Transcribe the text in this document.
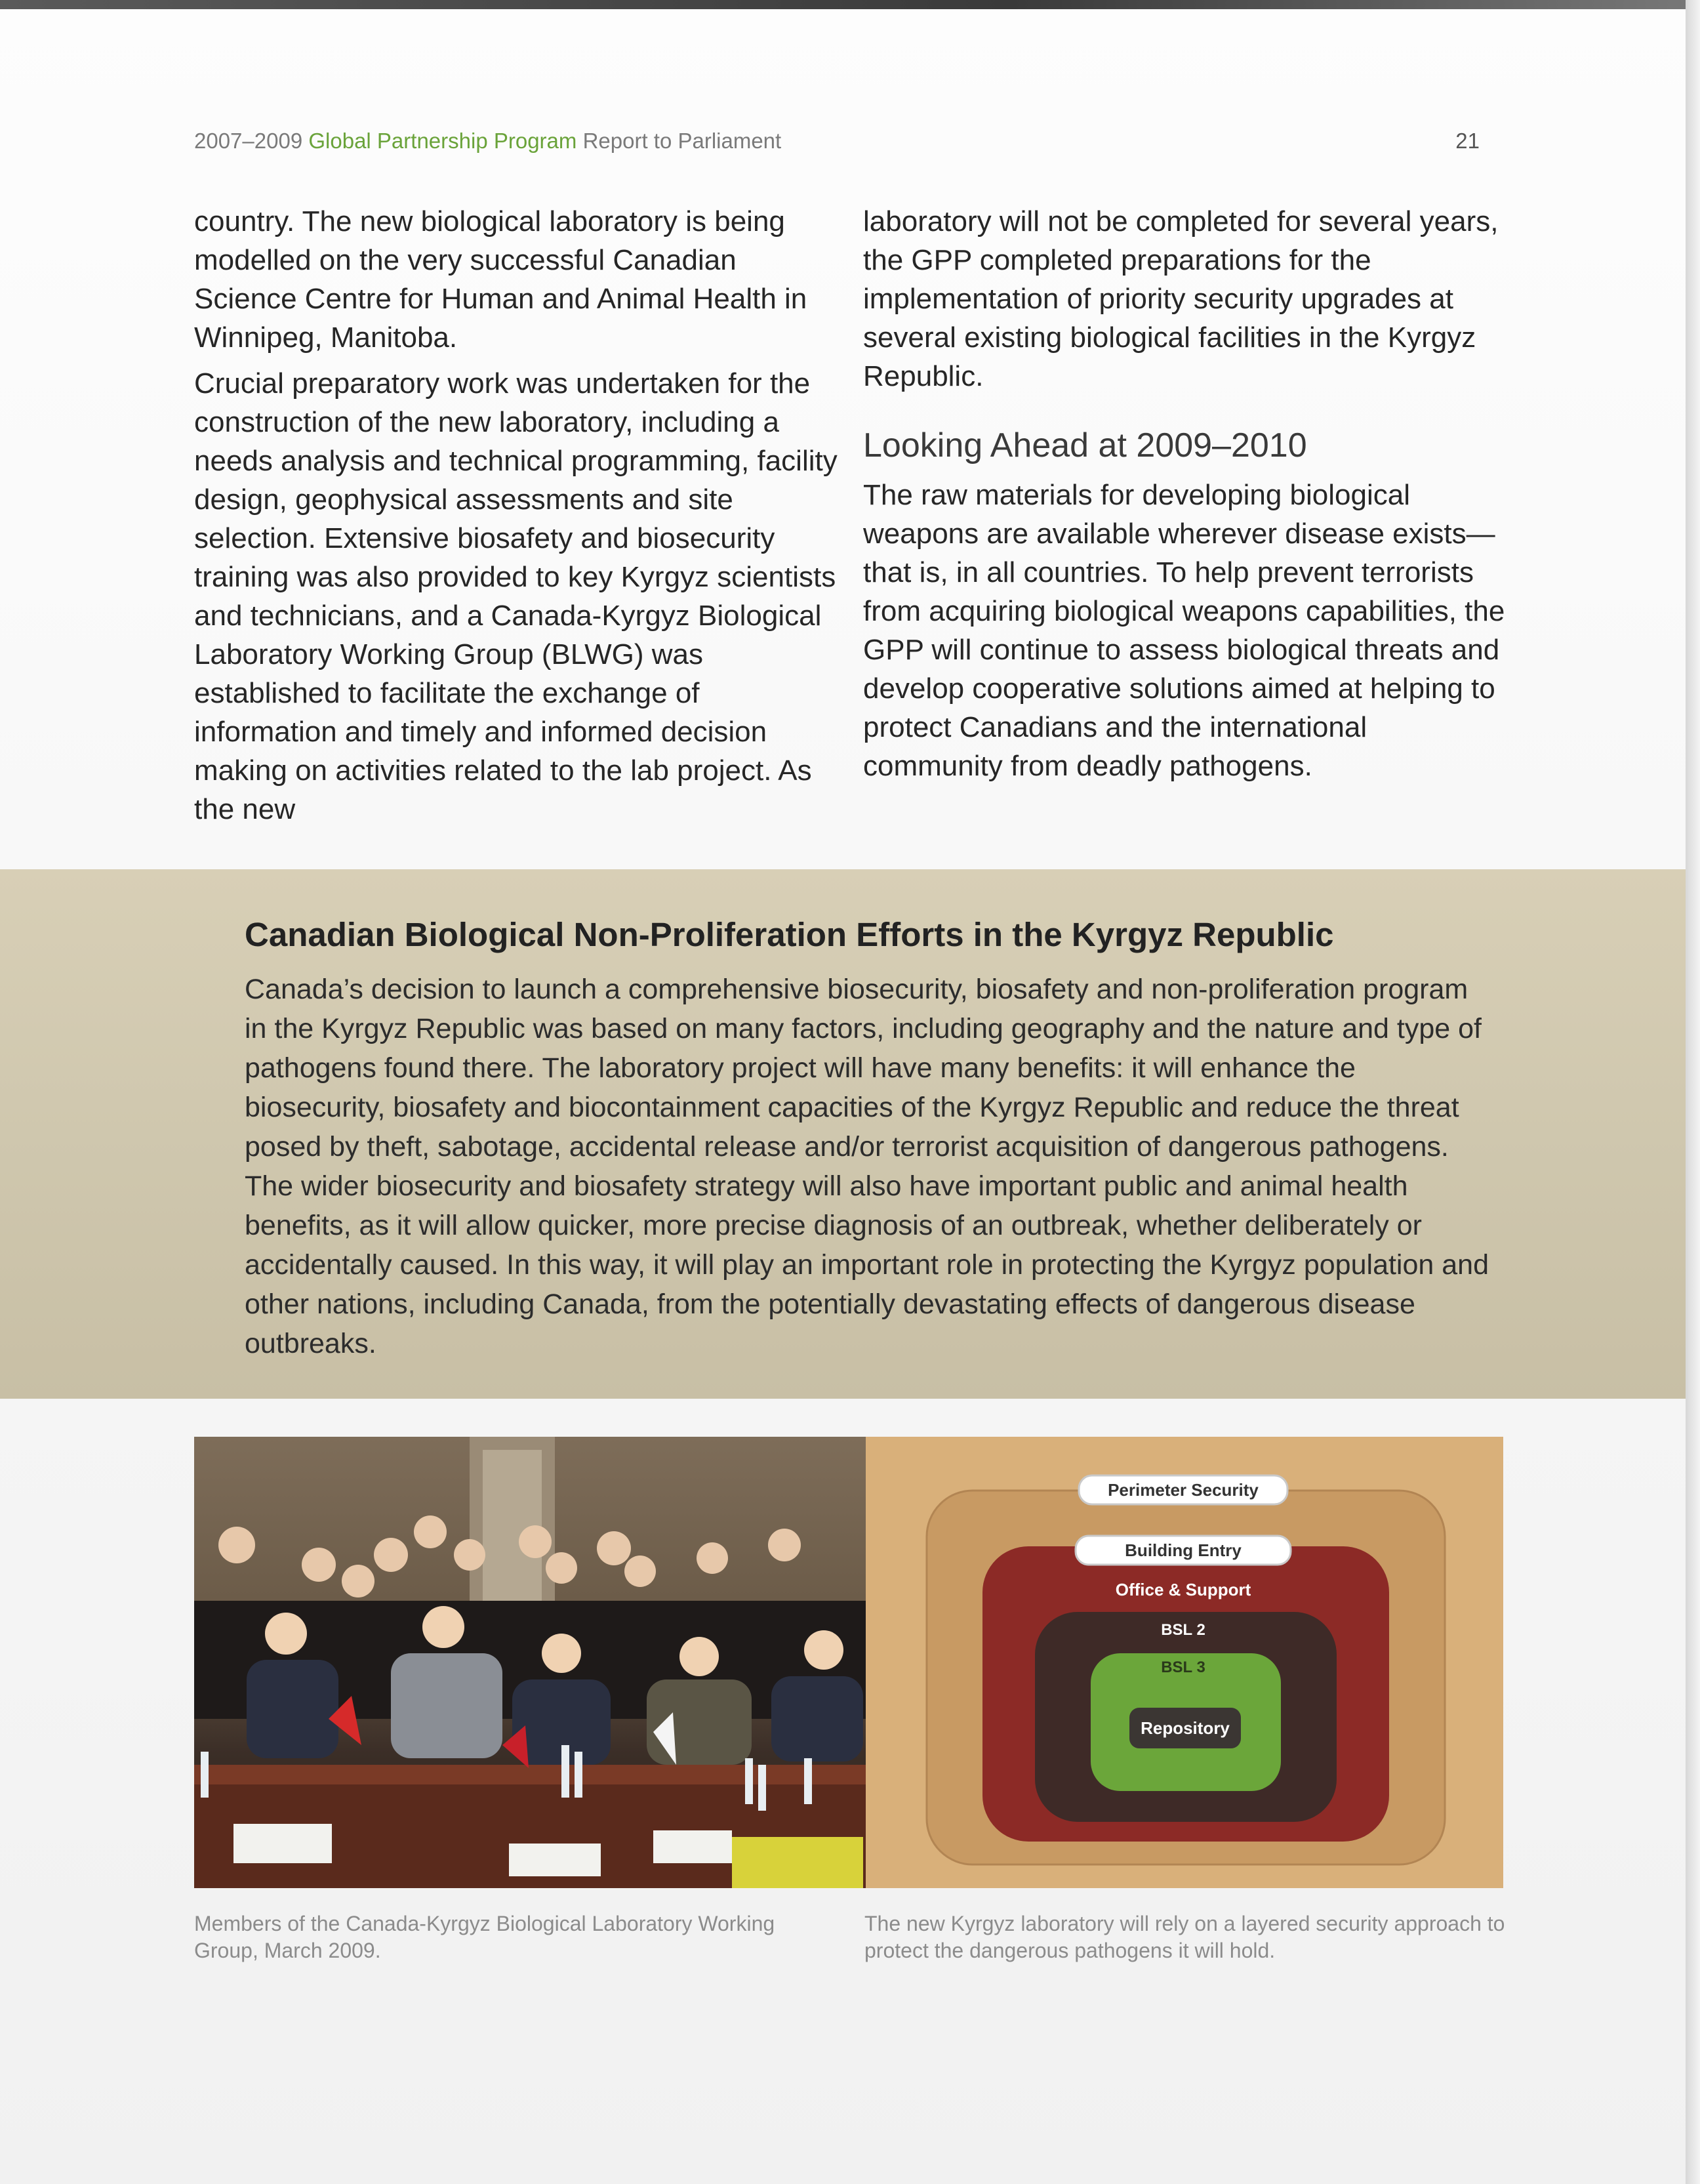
2007–2009 Global Partnership Program Report to Parliament	21

country. The new biological laboratory is being modelled on the very successful Canadian Science Centre for Human and Animal Health in Winnipeg, Manitoba.

Crucial preparatory work was undertaken for the construction of the new laboratory, including a needs analysis and technical programming, facility design, geophysical assessments and site selection. Extensive biosafety and biosecurity training was also provided to key Kyrgyz scientists and technicians, and a Canada-Kyrgyz Biological Laboratory Working Group (BLWG) was established to facilitate the exchange of information and timely and informed decision making on activities related to the lab project. As the new

laboratory will not be completed for several years, the GPP completed preparations for the implementation of priority security upgrades at several existing biological facilities in the Kyrgyz Republic.

Looking Ahead at 2009–2010

The raw materials for developing biological weapons are available wherever disease exists—that is, in all countries. To help prevent terrorists from acquiring biological weapons capabilities, the GPP will continue to assess biological threats and develop cooperative solutions aimed at helping to protect Canadians and the international community from deadly pathogens.

Canadian Biological Non-Proliferation Efforts in the Kyrgyz Republic
Canada’s decision to launch a comprehensive biosecurity, biosafety and non-proliferation program in the Kyrgyz Republic was based on many factors, including geography and the nature and type of pathogens found there. The laboratory project will have many benefits: it will enhance the biosecurity, biosafety and biocontainment capacities of the Kyrgyz Republic and reduce the threat posed by theft, sabotage, accidental release and/or terrorist acquisition of dangerous pathogens. The wider biosecurity and biosafety strategy will also have important public and animal health benefits, as it will allow quicker, more precise diagnosis of an outbreak, whether deliberately or accidentally caused. In this way, it will play an important role in protecting the Kyrgyz population and other nations, including Canada, from the potentially devastating effects of dangerous disease outbreaks.
Perimeter Security
Building Entry
Office & Support
BSL 2
BSL 3
Repository
Members of the Canada-Kyrgyz Biological Laboratory Working Group, March 2009.
The new Kyrgyz laboratory will rely on a layered security approach to protect the dangerous pathogens it will hold.
